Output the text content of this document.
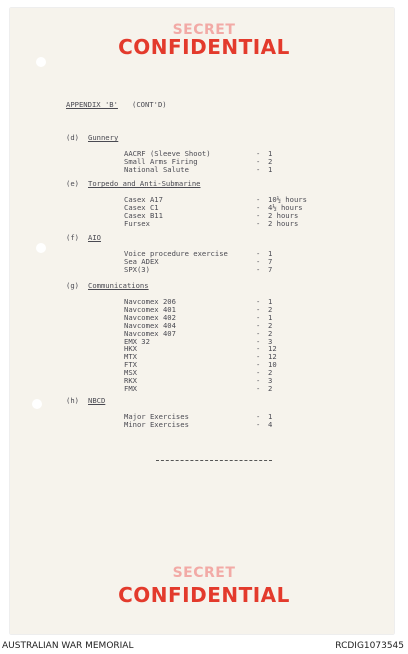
SECRET
CONFIDENTIAL
APPENDIX 'B' (CONT'D)
(d) Gunnery
AACRF (Sleeve Shoot)	- 1
Small Arms Firing	- 2
National Salute	- 1
(e) Torpedo and Anti-Submarine
Casex A17	- 10½ hours
Casex C1	- 4½ hours
Casex B11	- 2 hours
Fursex	- 2 hours
(f) AIO
Voice procedure exercise	- 1
Sea ADEX	- 7
SPX(3)	- 7
(g) Communications
Navcomex 206	- 1
Navcomex 401	- 2
Navcomex 402	- 1
Navcomex 404	- 2
Navcomex 407	- 2
EMX 32	- 3
HKX	- 12
MTX	- 12
FTX	- 10
MSX	- 2
RKX	- 3
FMX	- 2
(h) NBCD
Major Exercises	- 1
Minor Exercises	- 4
SECRET
CONFIDENTIAL
AUSTRALIAN WAR MEMORIAL	RCDIG1073545
